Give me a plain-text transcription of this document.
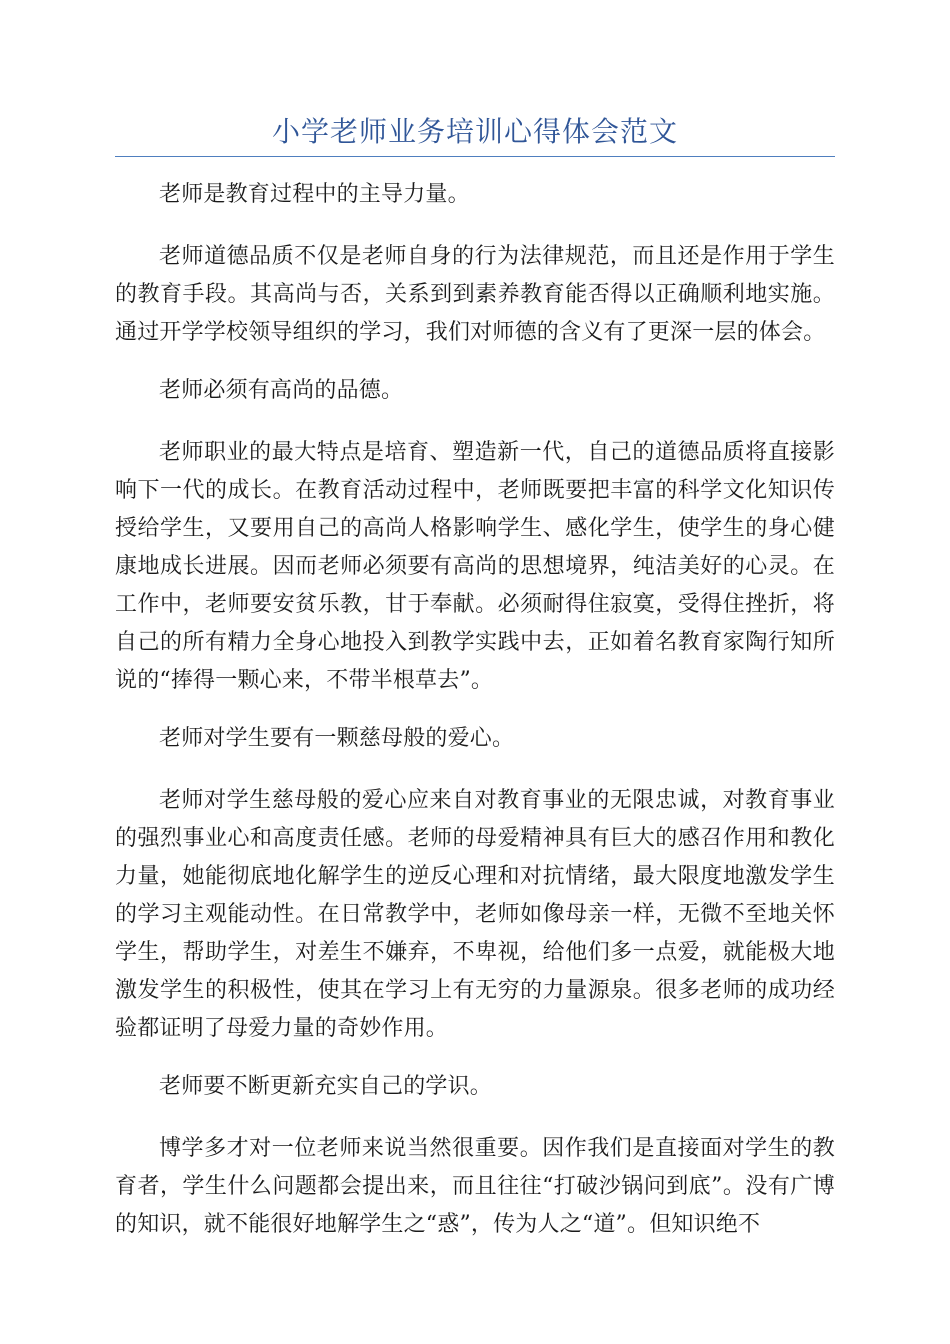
小学老师业务培训心得体会范文

老师是教育过程中的主导力量。

老师道德品质不仅是老师自身的行为法律规范，而且还是作用于学生的教育手段。其高尚与否，关系到到素养教育能否得以正确顺利地实施。通过开学学校领导组织的学习，我们对师德的含义有了更深一层的体会。

老师必须有高尚的品德。

老师职业的最大特点是培育、塑造新一代，自己的道德品质将直接影响下一代的成长。在教育活动过程中，老师既要把丰富的科学文化知识传授给学生，又要用自己的高尚人格影响学生、感化学生，使学生的身心健康地成长进展。因而老师必须要有高尚的思想境界，纯洁美好的心灵。在工作中，老师要安贫乐教，甘于奉献。必须耐得住寂寞，受得住挫折，将自己的所有精力全身心地投入到教学实践中去，正如着名教育家陶行知所说的“捧得一颗心来，不带半根草去”。

老师对学生要有一颗慈母般的爱心。

老师对学生慈母般的爱心应来自对教育事业的无限忠诚，对教育事业的强烈事业心和高度责任感。老师的母爱精神具有巨大的感召作用和教化力量，她能彻底地化解学生的逆反心理和对抗情绪，最大限度地激发学生的学习主观能动性。在日常教学中，老师如像母亲一样，无微不至地关怀学生，帮助学生，对差生不嫌弃，不卑视，给他们多一点爱，就能极大地激发学生的积极性，使其在学习上有无穷的力量源泉。很多老师的成功经验都证明了母爱力量的奇妙作用。

老师要不断更新充实自己的学识。

博学多才对一位老师来说当然很重要。因作我们是直接面对学生的教育者，学生什么问题都会提出来，而且往往“打破沙锅问到底”。没有广博的知识，就不能很好地解学生之“惑”，传为人之“道”。但知识绝不
